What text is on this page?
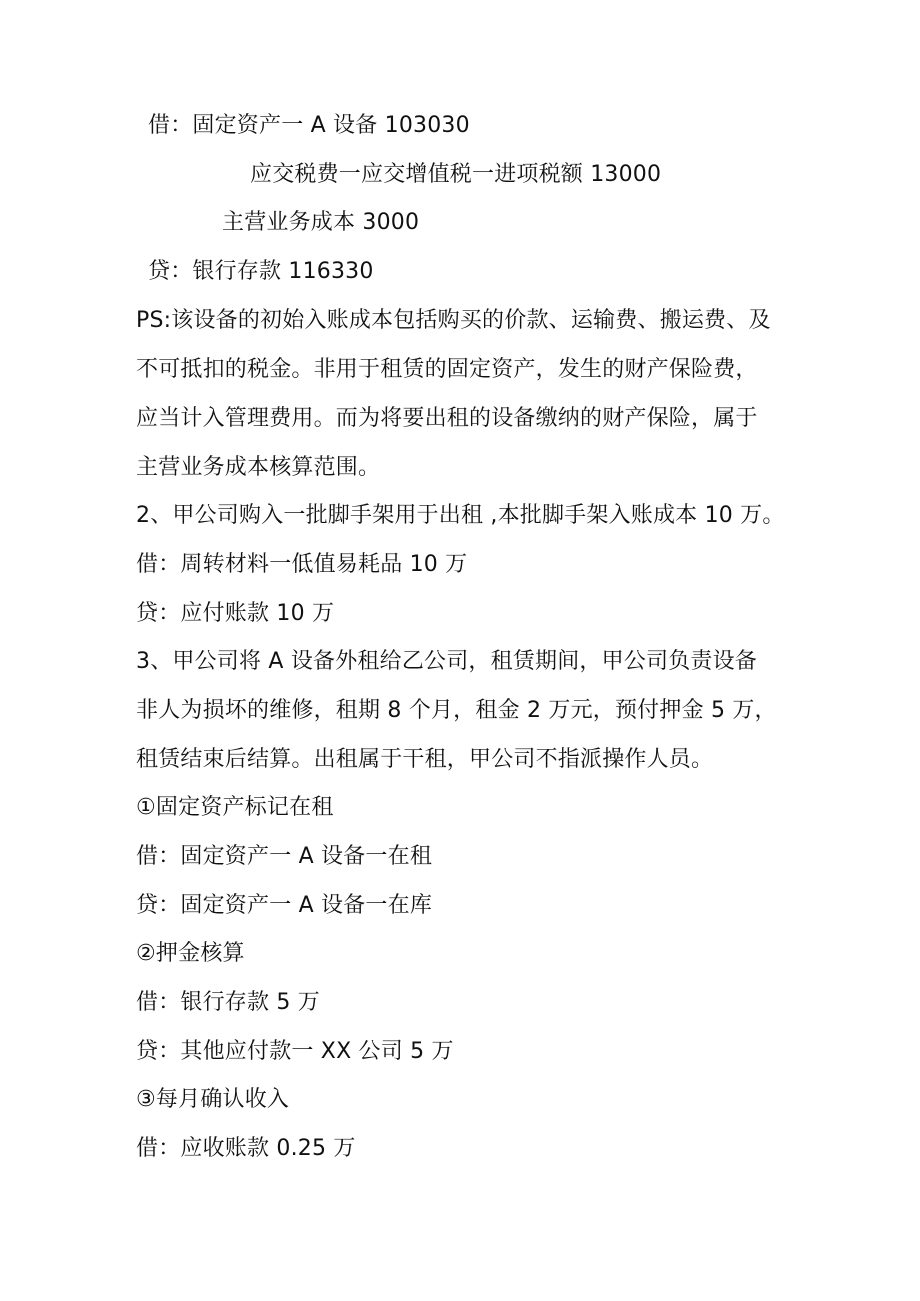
借：固定资产一 A 设备 103030
应交税费一应交增值税一进项税额 13000
主营业务成本 3000
贷：银行存款 116330
PS:该设备的初始入账成本包括购买的价款、运输费、搬运费、及
不可抵扣的税金。非用于租赁的固定资产，发生的财产保险费，
应当计入管理费用。而为将要出租的设备缴纳的财产保险，属于
主营业务成本核算范围。
2、甲公司购入一批脚手架用于出租 ,本批脚手架入账成本 10 万。
借：周转材料一低值易耗品 10 万
贷：应付账款 10 万
3、甲公司将 A 设备外租给乙公司，租赁期间，甲公司负责设备
非人为损坏的维修，租期 8 个月，租金 2 万元，预付押金 5 万，
租赁结束后结算。出租属于干租，甲公司不指派操作人员。
①固定资产标记在租
借：固定资产一 A 设备一在租
贷：固定资产一 A 设备一在库
②押金核算
借：银行存款 5 万
贷：其他应付款一 XX 公司 5 万
③每月确认收入
借：应收账款 0.25 万
